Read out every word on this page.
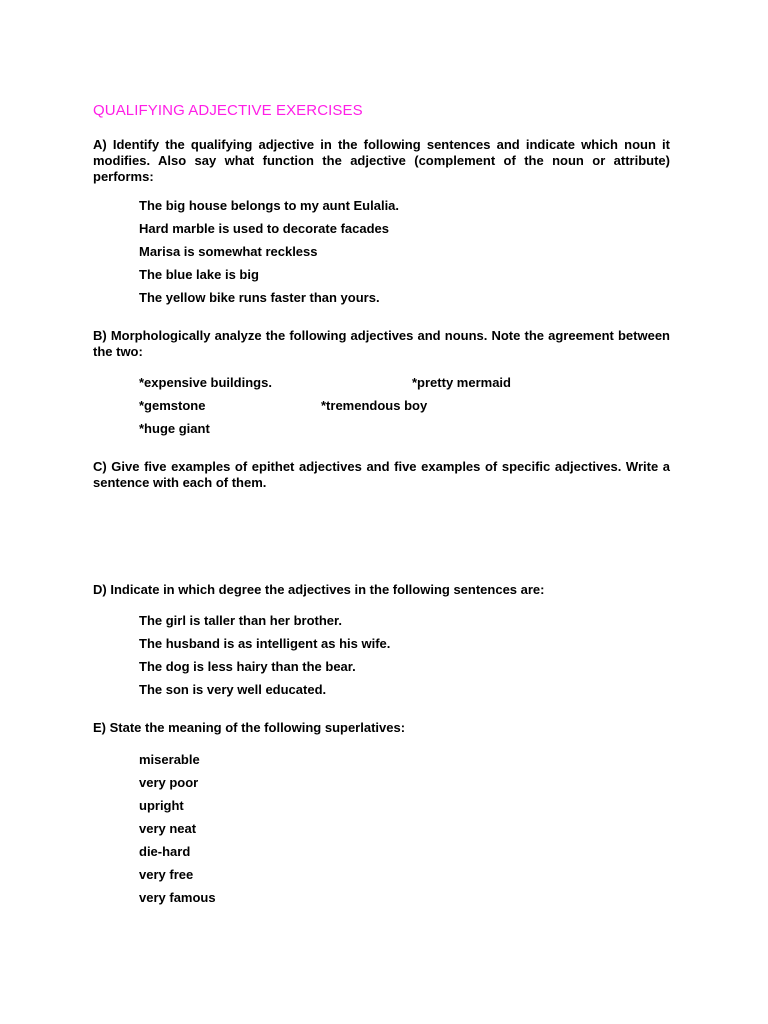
QUALIFYING ADJECTIVE EXERCISES

A) Identify the qualifying adjective in the following sentences and indicate which noun it modifies. Also say what function the adjective (complement of the noun or attribute) performs:

The big house belongs to my aunt Eulalia.

Hard marble is used to decorate facades

Marisa is somewhat reckless

The blue lake is big

The yellow bike runs faster than yours.

B) Morphologically analyze the following adjectives and nouns. Note the agreement between the two:

*expensive buildings.	*pretty mermaid

*gemstone	*tremendous boy

*huge giant

C) Give five examples of epithet adjectives and five examples of specific adjectives. Write a sentence with each of them.

D) Indicate in which degree the adjectives in the following sentences are:

The girl is taller than her brother.

The husband is as intelligent as his wife.

The dog is less hairy than the bear.

The son is very well educated.

E) State the meaning of the following superlatives:

miserable

very poor

upright

very neat

die-hard

very free

very famous
